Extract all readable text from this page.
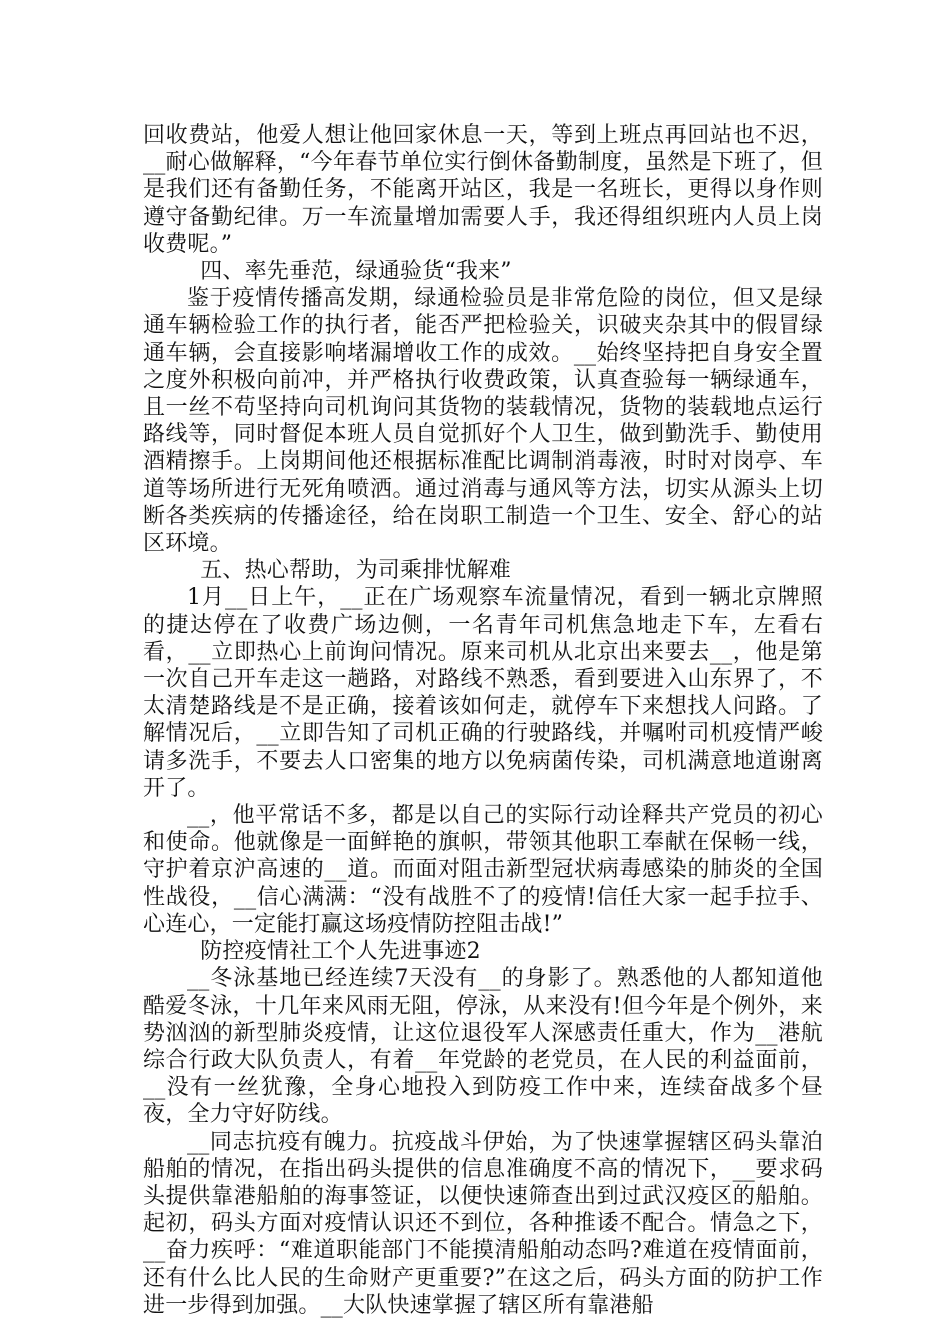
回收费站，他爱人想让他回家休息一天，等到上班点再回站也不迟，__耐心做解释，“今年春节单位实行倒休备勤制度，虽然是下班了，但是我们还有备勤任务，不能离开站区，我是一名班长，更得以身作则遵守备勤纪律。万一车流量增加需要人手，我还得组织班内人员上岗收费呢。”

四、率先垂范，绿通验货“我来”

鉴于疫情传播高发期，绿通检验员是非常危险的岗位，但又是绿通车辆检验工作的执行者，能否严把检验关，识破夹杂其中的假冒绿通车辆，会直接影响堵漏增收工作的成效。__始终坚持把自身安全置之度外积极向前冲，并严格执行收费政策，认真查验每一辆绿通车，且一丝不苟坚持向司机询问其货物的装载情况，货物的装载地点运行路线等，同时督促本班人员自觉抓好个人卫生，做到勤洗手、勤使用酒精擦手。上岗期间他还根据标准配比调制消毒液，时时对岗亭、车道等场所进行无死角喷洒。通过消毒与通风等方法，切实从源头上切断各类疾病的传播途径，给在岗职工制造一个卫生、安全、舒心的站区环境。

五、热心帮助，为司乘排忧解难

1月__日上午，__正在广场观察车流量情况，看到一辆北京牌照的捷达停在了收费广场边侧，一名青年司机焦急地走下车，左看右看，__立即热心上前询问情况。原来司机从北京出来要去__，他是第一次自己开车走这一趟路，对路线不熟悉，看到要进入山东界了，不太清楚路线是不是正确，接着该如何走，就停车下来想找人问路。了解情况后，__立即告知了司机正确的行驶路线，并嘱咐司机疫情严峻请多洗手，不要去人口密集的地方以免病菌传染，司机满意地道谢离开了。

__，他平常话不多，都是以自己的实际行动诠释共产党员的初心和使命。他就像是一面鲜艳的旗帜，带领其他职工奉献在保畅一线，守护着京沪高速的__道。而面对阻击新型冠状病毒感染的肺炎的全国性战役，__信心满满：“没有战胜不了的疫情!信任大家一起手拉手、心连心，一定能打赢这场疫情防控阻击战!”

防控疫情社工个人先进事迹2

__冬泳基地已经连续7天没有__的身影了。熟悉他的人都知道他酷爱冬泳，十几年来风雨无阻，停泳，从来没有!但今年是个例外，来势汹汹的新型肺炎疫情，让这位退役军人深感责任重大，作为__港航综合行政大队负责人，有着__年党龄的老党员，在人民的利益面前，__没有一丝犹豫，全身心地投入到防疫工作中来，连续奋战多个昼夜，全力守好防线。

__同志抗疫有魄力。抗疫战斗伊始，为了快速掌握辖区码头靠泊船舶的情况，在指出码头提供的信息准确度不高的情况下，__要求码头提供靠港船舶的海事签证，以便快速筛查出到过武汉疫区的船舶。起初，码头方面对疫情认识还不到位，各种推诿不配合。情急之下，__奋力疾呼：“难道职能部门不能摸清船舶动态吗?难道在疫情面前，还有什么比人民的生命财产更重要?”在这之后，码头方面的防护工作进一步得到加强。__大队快速掌握了辖区所有靠港船
